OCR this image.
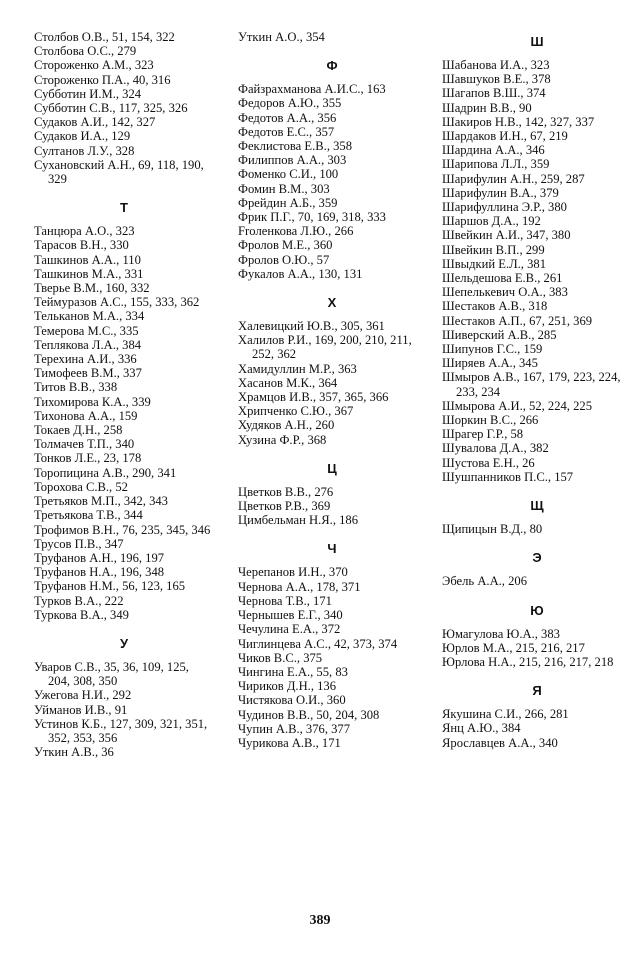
Столбов О.В., 51, 154, 322
Столбова О.С., 279
Стороженко А.М., 323
Стороженко П.А., 40, 316
Субботин И.М., 324
Субботин С.В., 117, 325, 326
Судаков А.И., 142, 327
Судаков И.А., 129
Султанов Л.У., 328
Сухановский А.Н., 69, 118, 190, 329
Т
Танцюра А.О., 323
Тарасов В.Н., 330
Ташкинов А.А., 110
Ташкинов М.А., 331
Тверье В.М., 160, 332
Теймуразов А.С., 155, 333, 362
Тельканов М.А., 334
Темерова М.С., 335
Теплякова Л.А., 384
Терехина А.И., 336
Тимофеев В.М., 337
Титов В.В., 338
Тихомирова К.А., 339
Тихонова А.А., 159
Токаев Д.Н., 258
Толмачев Т.П., 340
Тонков Л.Е., 23, 178
Торопицина А.В., 290, 341
Торохова С.В., 52
Третьяков М.П., 342, 343
Третьякова Т.В., 344
Трофимов В.Н., 76, 235, 345, 346
Трусов П.В., 347
Труфанов А.Н., 196, 197
Труфанов Н.А., 196, 348
Труфанов Н.М., 56, 123, 165
Турков В.А., 222
Туркова В.А., 349
У
Уваров С.В., 35, 36, 109, 125, 204, 308, 350
Ужегова Н.И., 292
Уйманов И.В., 91
Устинов К.Б., 127, 309, 321, 351, 352, 353, 356
Уткин А.В., 36
Уткин А.О., 354
Ф
Файзрахманова А.И.С., 163
Федоров А.Ю., 355
Федотов А.А., 356
Федотов Е.С., 357
Феклистова Е.В., 358
Филиппов А.А., 303
Фоменко С.И., 100
Фомин В.М., 303
Фрейдин А.Б., 359
Фрик П.Г., 70, 169, 318, 333
Froленкова Л.Ю., 266
Фролов М.Е., 360
Фролов О.Ю., 57
Фукалов А.А., 130, 131
Х
Халевицкий Ю.В., 305, 361
Халилов Р.И., 169, 200, 210, 211, 252, 362
Хамидуллин М.Р., 363
Хасанов М.К., 364
Храмцов И.В., 357, 365, 366
Хрипченко С.Ю., 367
Худяков А.Н., 260
Хузина Ф.Р., 368
Ц
Цветков В.В., 276
Цветков Р.В., 369
Цимбельман Н.Я., 186
Ч
Черепанов И.Н., 370
Чернова А.А., 178, 371
Чернова Т.В., 171
Чернышев Е.Г., 340
Чечулина Е.А., 372
Чиглинцева А.С., 42, 373, 374
Чиков В.С., 375
Чингина Е.А., 55, 83
Чириков Д.Н., 136
Чистякова О.И., 360
Чудинов В.В., 50, 204, 308
Чупин А.В., 376, 377
Чурикова А.В., 171
Ш
Шабанова И.А., 323
Шавшуков В.Е., 378
Шагапов В.Ш., 374
Шадрин В.В., 90
Шакиров Н.В., 142, 327, 337
Шардаков И.Н., 67, 219
Шардина А.А., 346
Шарипова Л.Л., 359
Шарифулин А.Н., 259, 287
Шарифулин В.А., 379
Шарифуллина Э.Р., 380
Шаршов Д.А., 192
Швейкин А.И., 347, 380
Швейкин В.П., 299
Швыдкий Е.Л., 381
Шельдешова Е.В., 261
Шепелькевич О.А., 383
Шестаков А.В., 318
Шестаков А.П., 67, 251, 369
Шиверский А.В., 285
Шипунов Г.С., 159
Ширяев А.А., 345
Шмыров А.В., 167, 179, 223, 224, 233, 234
Шмырова А.И., 52, 224, 225
Шоркин В.С., 266
Шрагер Г.Р., 58
Шувалова Д.А., 382
Шустова Е.Н., 26
Шушпанников П.С., 157
Щ
Щипицын В.Д., 80
Э
Эбель А.А., 206
Ю
Юмагулова Ю.А., 383
Юрлов М.А., 215, 216, 217
Юрлова Н.А., 215, 216, 217, 218
Я
Якушина С.И., 266, 281
Янц А.Ю., 384
Ярославцев А.А., 340
389
